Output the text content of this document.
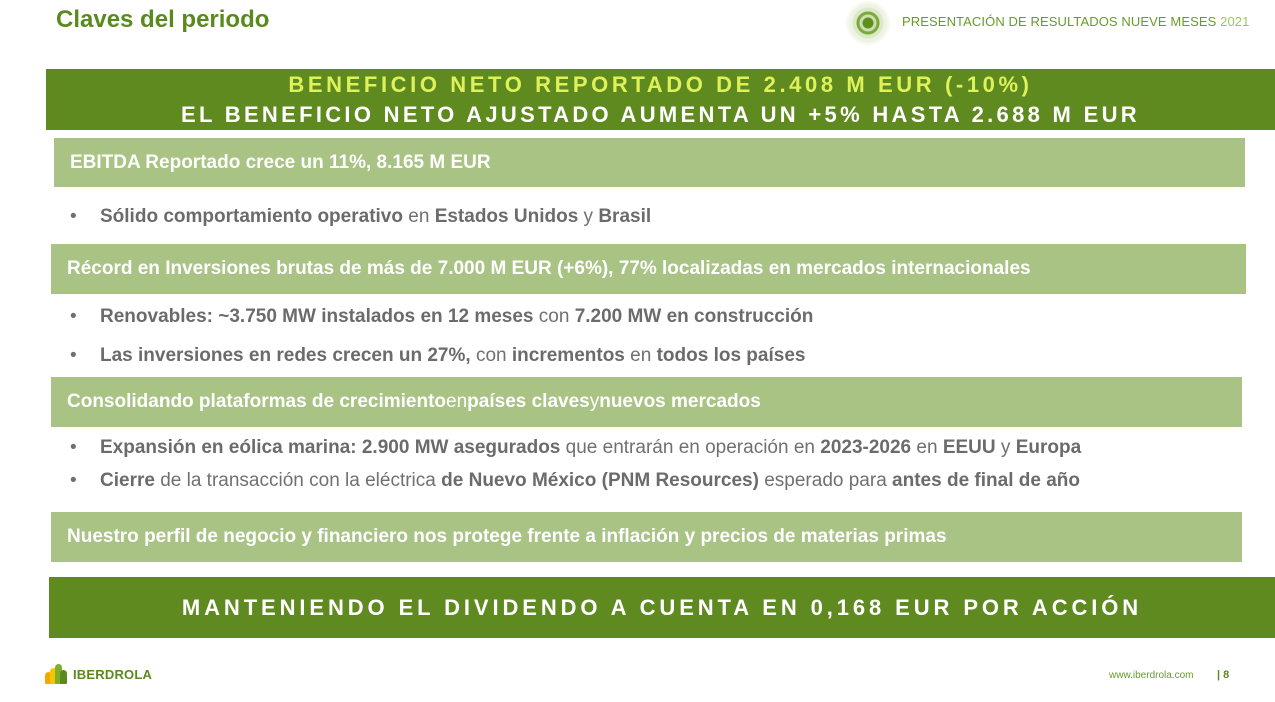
Claves del periodo	PRESENTACIÓN DE RESULTADOS NUEVE MESES 2021
BENEFICIO NETO REPORTADO DE 2.408 M EUR (-10%)
EL BENEFICIO NETO AJUSTADO AUMENTA UN +5% HASTA 2.688 M EUR
EBITDA Reportado crece un 11%, 8.165 M EUR
• Sólido comportamiento operativo en Estados Unidos y Brasil
Récord en Inversiones brutas de más de 7.000 M EUR (+6%), 77% localizadas en mercados internacionales
• Renovables: ~3.750 MW instalados en 12 meses con 7.200 MW en construcción
• Las inversiones en redes crecen un 27%, con incrementos en todos los países
Consolidando plataformas de crecimiento en países claves y nuevos mercados
• Expansión en eólica marina: 2.900 MW asegurados que entrarán en operación en 2023-2026 en EEUU y Europa
• Cierre de la transacción con la eléctrica de Nuevo México (PNM Resources) esperado para antes de final de año
Nuestro perfil de negocio y financiero nos protege frente a inflación y precios de materias primas
MANTENIENDO EL DIVIDENDO A CUENTA EN 0,168 EUR POR ACCIÓN
IBERDROLA	www.iberdrola.com | 8
